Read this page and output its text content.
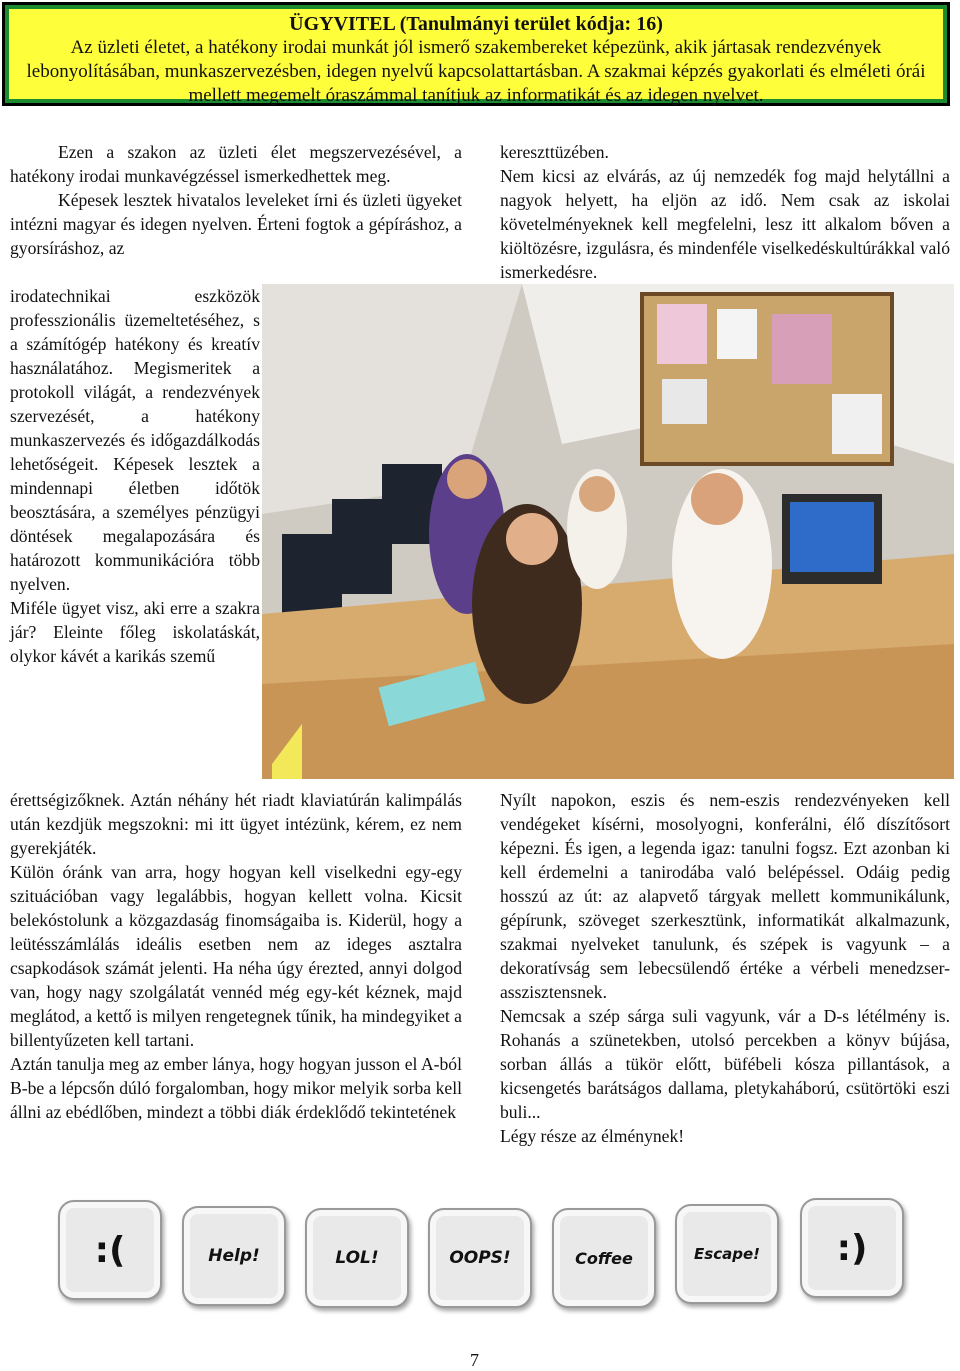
ÜGYVITEL (Tanulmányi terület kódja: 16)
Az üzleti életet, a hatékony irodai munkát jól ismerő szakembereket képezünk, akik jártasak rendezvények lebonyolításában, munkaszervezésben, idegen nyelvű kapcsolattartásban. A szakmai képzés gyakorlati és elméleti órái mellett megemelt óraszámmal tanítjuk az informatikát és az idegen nyelvet.

Ezen a szakon az üzleti élet megszervezésével, a hatékony irodai munkavégzéssel ismerkedhettek meg.

Képesek lesztek hivatalos leveleket írni és üzleti ügyeket intézni magyar és idegen nyelven. Érteni fogtok a gépíráshoz, a gyorsíráshoz, az

irodatechnikai eszközök professzionális üzemeltetéséhez, s a számítógép hatékony és kreatív használatához. Megismeritek a protokoll világát, a rendezvények szervezését, a hatékony munkaszervezés és időgazdálkodás lehetőségeit. Képesek lesztek a mindennapi életben időtök beosztására, a személyes pénzügyi döntések megalapozására és határozott kommunikációra több nyelven.

Miféle ügyet visz, aki erre a szakra jár? Eleinte főleg iskolatáskát, olykor kávét a karikás szemű

érettségizőknek. Aztán néhány hét riadt klaviatúrán kalimpálás után kezdjük megszokni: mi itt ügyet intézünk, kérem, ez nem gyerekjáték.

Külön óránk van arra, hogy hogyan kell viselkedni egy-egy szituációban vagy legalábbis, hogyan kellett volna. Kicsit belekóstolunk a közgazdaság finomságaiba is. Kiderül, hogy a leütésszámlálás ideális esetben nem az ideges asztalra csapkodások számát jelenti. Ha néha úgy érezted, annyi dolgod van, hogy nagy szolgálatát vennéd még egy-két kéznek, majd meglátod, a kettő is milyen rengetegnek tűnik, ha mindegyiket a billentyűzeten kell tartani.

Aztán tanulja meg az ember lánya, hogy hogyan jusson el A-ból B-be a lépcsőn dúló forgalomban, hogy mikor melyik sorba kell állni az ebédlőben, mindezt a többi diák érdeklődő tekintetének

kereszttüzében.

Nem kicsi az elvárás, az új nemzedék fog majd helytállni a nagyok helyett, ha eljön az idő. Nem csak az iskolai követelményeknek kell megfelelni, lesz itt alkalom bőven a kiöltözésre, izgulásra, és mindenféle viselkedéskultúrákkal való ismerkedésre.

Nyílt napokon, eszis és nem-eszis rendezvényeken kell vendégeket kísérni, mosolyogni, konferálni, élő díszítősort képezni. És igen, a legenda igaz: tanulni fogsz. Ezt azonban ki kell érdemelni a tanirodába való belépéssel. Odáig pedig hosszú az út: az alapvető tárgyak mellett kommunikálunk, gépírunk, szöveget szerkesztünk, informatikát alkalmazunk, szakmai nyelveket tanulunk, és szépek is vagyunk – a dekoratívság sem lebecsülendő értéke a vérbeli menedzser-asszisztensnek.

Nemcsak a szép sárga suli vagyunk, vár a D-s létélmény is. Rohanás a szünetekben, utolsó percekben a könyv bújása, sorban állás a tükör előtt, büfébeli kósza pillantások, a kicsengetés barátságos dallama, pletykaháború, csütörtöki eszi buli...

Légy része az élménynek!

:(	Help!	LOL!	OOPS!	Coffee	Escape!	:)
7
